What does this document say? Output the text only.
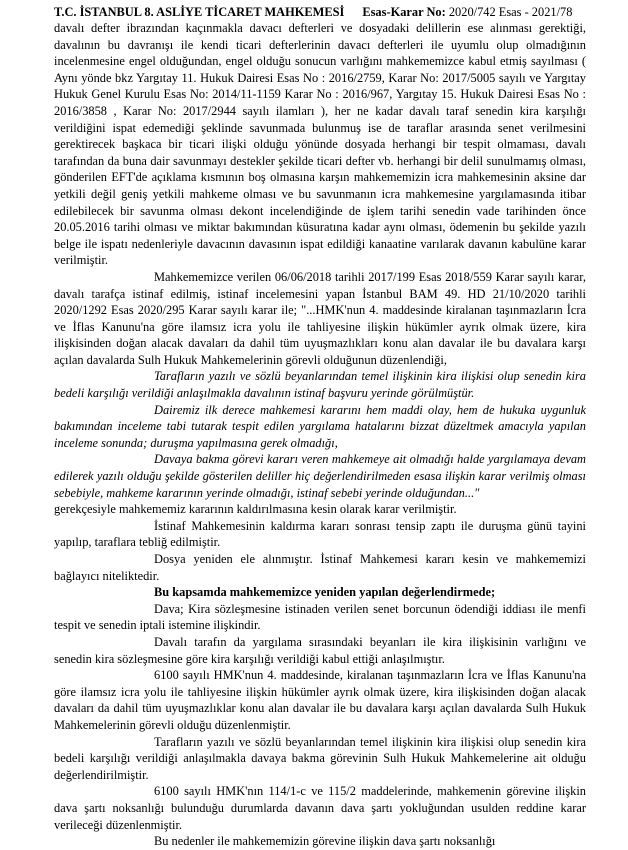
T.C. İSTANBUL 8. ASLİYE TİCARET MAHKEMESİ Esas-Karar No: 2020/742 Esas - 2021/78

davalı defter ibrazından kaçınmakla davacı defterleri ve dosyadaki delillerin ese alınması gerektiği, davalının bu davranışı ile kendi ticari defterlerinin davacı defterleri ile uyumlu olup olmadığının incelenmesine engel olduğundan, engel olduğu sonucun varlığını mahkememizce kabul etmiş sayılması ( Aynı yönde bkz Yargıtay 11. Hukuk Dairesi Esas No : 2016/2759, Karar No: 2017/5005 sayılı ve Yargıtay Hukuk Genel Kurulu Esas No: 2014/11-1159 Karar No : 2016/967, Yargıtay 15. Hukuk Dairesi Esas No : 2016/3858 , Karar No: 2017/2944 sayılı ilamları ), her ne kadar davalı taraf senedin kira karşılığı verildiğini ispat edemediği şeklinde savunmada bulunmuş ise de taraflar arasında senet verilmesini gerektirecek başkaca bir ticari ilişki olduğu yönünde dosyada herhangi bir tespit olmaması, davalı tarafından da buna dair savunmayı destekler şekilde ticari defter vb. herhangi bir delil sunulmamış olması, gönderilen EFT'de açıklama kısmının boş olmasına karşın mahkememizin icra mahkemesinin aksine dar yetkili değil geniş yetkili mahkeme olması ve bu savunmanın icra mahkemesine yargılamasında itibar edilebilecek bir savunma olması dekont incelendiğinde de işlem tarihi senedin vade tarihinden önce 20.05.2016 tarihi olması ve miktar bakımından küsuratına kadar aynı olması, ödemenin bu şekilde yazılı belge ile ispatı nedenleriyle davacının davasının ispat edildiği kanaatine varılarak davanın kabulüne karar verilmiştir.

Mahkememizce verilen 06/06/2018 tarihli 2017/199 Esas 2018/559 Karar sayılı karar, davalı tarafça istinaf edilmiş, istinaf incelemesini yapan İstanbul BAM 49. HD 21/10/2020 tarihli 2020/1292 Esas 2020/295 Karar sayılı karar ile; "...HMK'nun 4. maddesinde kiralanan taşınmazların İcra ve İflas Kanunu'na göre ilamsız icra yolu ile tahliyesine ilişkin hükümler ayrık olmak üzere, kira ilişkisinden doğan alacak davaları da dahil tüm uyuşmazlıkları konu alan davalar ile bu davalara karşı açılan davalarda Sulh Hukuk Mahkemelerinin görevli olduğunun düzenlendiği,

Tarafların yazılı ve sözlü beyanlarından temel ilişkinin kira ilişkisi olup senedin kira bedeli karşılığı verildiği anlaşılmakla davalının istinaf başvuru yerinde görülmüştür.

Dairemiz ilk derece mahkemesi kararını hem maddi olay, hem de hukuka uygunluk bakımından inceleme tabi tutarak tespit edilen yargılama hatalarını bizzat düzeltmek amacıyla yapılan inceleme sonunda; duruşma yapılmasına gerek olmadığı,

Davaya bakma görevi kararı veren mahkemeye ait olmadığı halde yargılamaya devam edilerek yazılı olduğu şekilde gösterilen deliller hiç değerlendirilmeden esasa ilişkin karar verilmiş olması sebebiyle, mahkeme kararının yerinde olmadığı, istinaf sebebi yerinde olduğundan..."

gerekçesiyle mahkememiz kararının kaldırılmasına kesin olarak karar verilmiştir.

İstinaf Mahkemesinin kaldırma kararı sonrası tensip zaptı ile duruşma günü tayini yapılıp, taraflara tebliğ edilmiştir.

Dosya yeniden ele alınmıştır. İstinaf Mahkemesi kararı kesin ve mahkememizi bağlayıcı niteliktedir.

Bu kapsamda mahkememizce yeniden yapılan değerlendirmede;

Dava; Kira sözleşmesine istinaden verilen senet borcunun ödendiği iddiası ile menfi tespit ve senedin iptali istemine ilişkindir.

Davalı tarafın da yargılama sırasındaki beyanları ile kira ilişkisinin varlığını ve senedin kira sözleşmesine göre kira karşılığı verildiği kabul ettiği anlaşılmıştır.

6100 sayılı HMK'nun 4. maddesinde, kiralanan taşınmazların İcra ve İflas Kanunu'na göre ilamsız icra yolu ile tahliyesine ilişkin hükümler ayrık olmak üzere, kira ilişkisinden doğan alacak davaları da dahil tüm uyuşmazlıklar konu alan davalar ile bu davalara karşı açılan davalarda Sulh Hukuk Mahkemelerinin görevli olduğu düzenlenmiştir.

Tarafların yazılı ve sözlü beyanlarından temel ilişkinin kira ilişkisi olup senedin kira bedeli karşılığı verildiği anlaşılmakla davaya bakma görevinin Sulh Hukuk Mahkemelerine ait olduğu değerlendirilmiştir.

6100 sayılı HMK'nın 114/1-c ve 115/2 maddelerinde, mahkemenin görevine ilişkin dava şartı noksanlığı bulunduğu durumlarda davanın dava şartı yokluğundan usulden reddine karar verileceği düzenlenmiştir.

Bu nedenler ile mahkememizin görevine ilişkin dava şartı noksanlığı
